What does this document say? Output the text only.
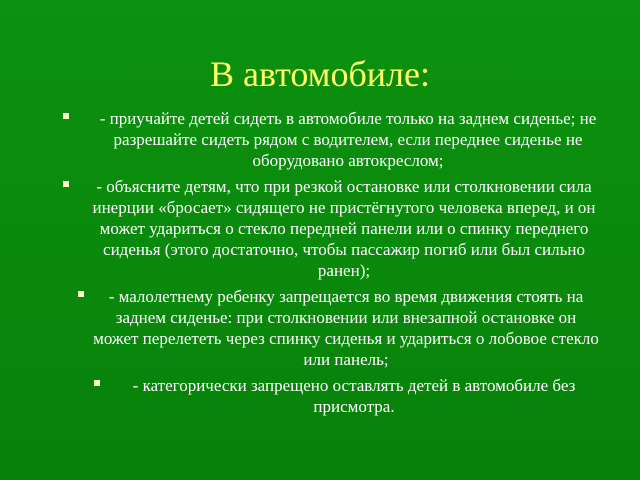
В автомобиле:
- приучайте детей сидеть в автомобиле только на заднем сиденье; не разрешайте сидеть рядом с водителем, если переднее сиденье не оборудовано автокреслом;
- объясните детям, что при резкой остановке или столкновении сила инерции «бросает» сидящего не пристёгнутого человека вперед, и он может удариться о стекло передней панели или о спинку переднего сиденья (этого достаточно, чтобы пассажир погиб или был сильно ранен);
- малолетнему ребенку запрещается во время движения стоять на заднем сиденье: при столкновении или внезапной остановке он может перелететь через спинку сиденья и удариться о лобовое стекло или панель;
- категорически запрещено оставлять детей в автомобиле без присмотра.
